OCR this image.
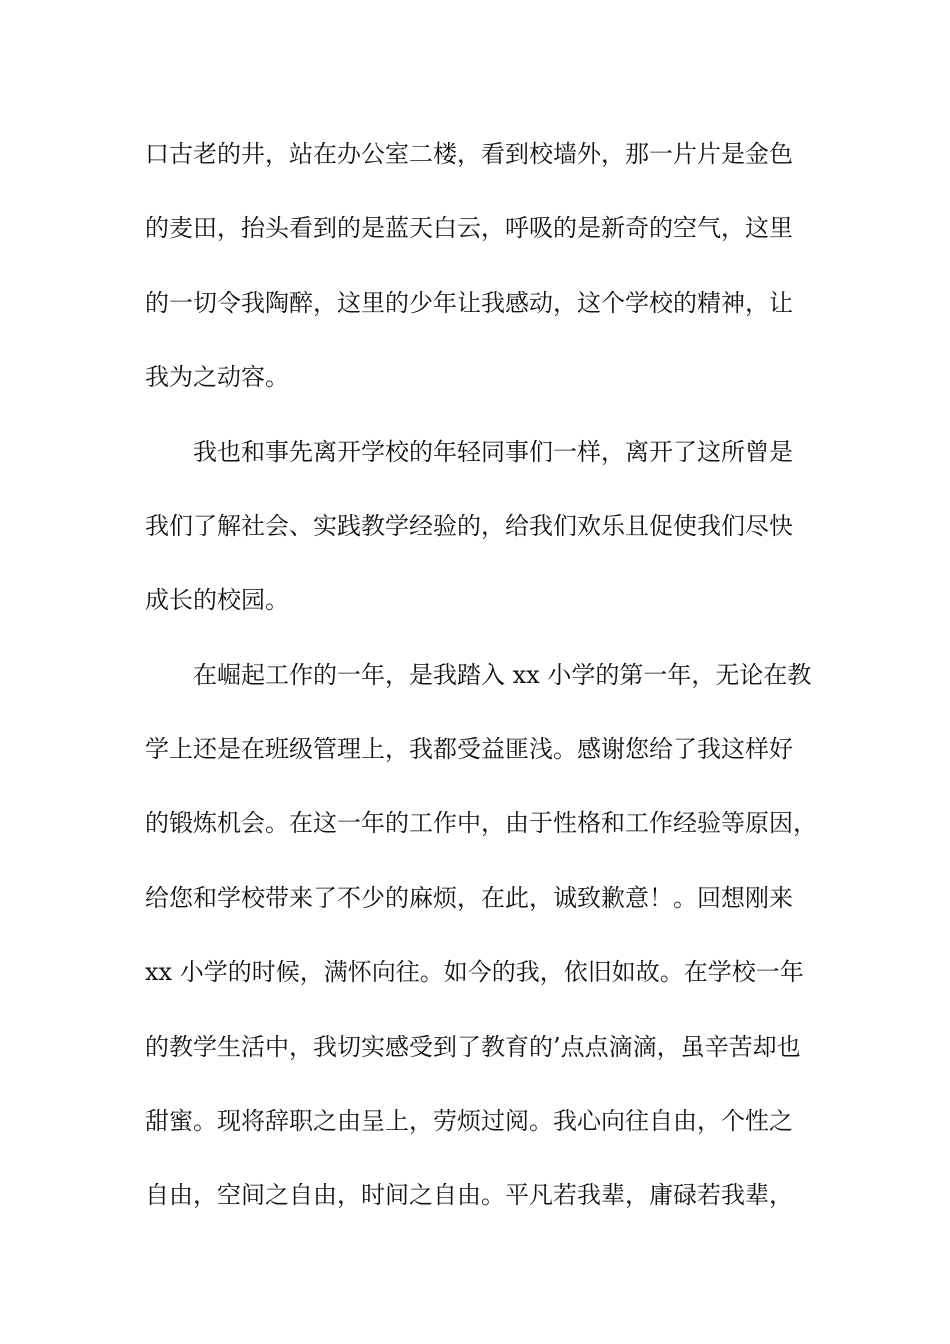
口古老的井，站在办公室二楼，看到校墙外，那一片片是金色
的麦田，抬头看到的是蓝天白云，呼吸的是新奇的空气，这里
的一切令我陶醉，这里的少年让我感动，这个学校的精神，让
我为之动容。
我也和事先离开学校的年轻同事们一样，离开了这所曾是
我们了解社会、实践教学经验的，给我们欢乐且促使我们尽快
成长的校园。
在崛起工作的一年，是我踏入 xx 小学的第一年，无论在教
学上还是在班级管理上，我都受益匪浅。感谢您给了我这样好
的锻炼机会。在这一年的工作中，由于性格和工作经验等原因，
给您和学校带来了不少的麻烦，在此，诚致歉意！。回想刚来
xx 小学的时候，满怀向往。如今的我，依旧如故。在学校一年
的教学生活中，我切实感受到了教育的’点点滴滴，虽辛苦却也
甜蜜。现将辞职之由呈上，劳烦过阅。我心向往自由，个性之
自由，空间之自由，时间之自由。平凡若我辈，庸碌若我辈，
